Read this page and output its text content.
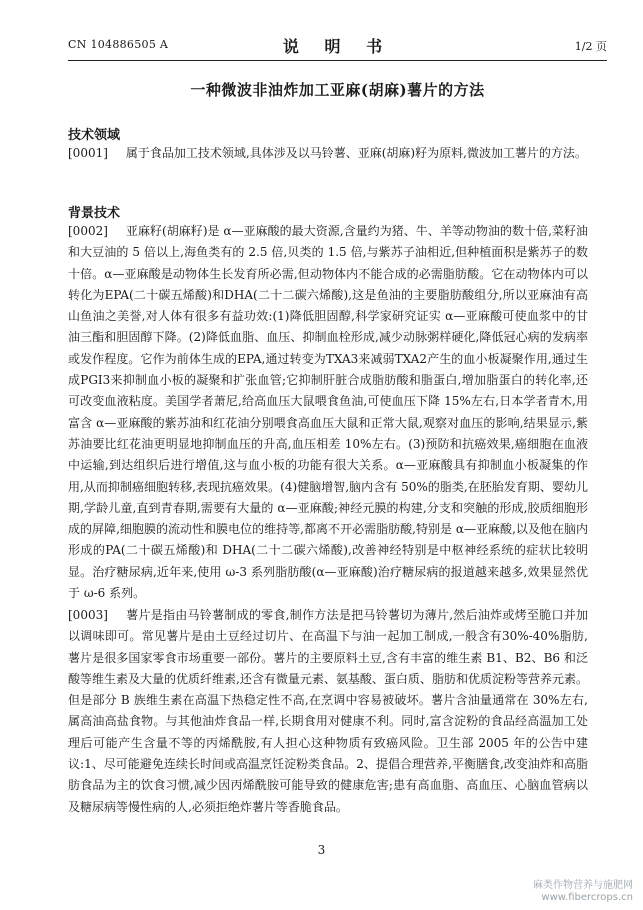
CN 104886505 A	说 明 书	1/2 页
一种微波非油炸加工亚麻(胡麻)薯片的方法
技术领域
[0001] 属于食品加工技术领域,具体涉及以马铃薯、亚麻(胡麻)籽为原料,微波加工薯片的方法。
背景技术
[0002] 亚麻籽(胡麻籽)是 α—亚麻酸的最大资源,含量约为猪、牛、羊等动物油的数十倍,菜籽油和大豆油的 5 倍以上,海鱼类有的 2.5 倍,贝类的 1.5 倍,与紫苏子油相近,但种植面积是紫苏子的数十倍。α—亚麻酸是动物体生长发育所必需,但动物体内不能合成的必需脂肪酸。它在动物体内可以转化为EPA(二十碳五烯酸)和DHA(二十二碳六烯酸),这是鱼油的主要脂肪酸组分,所以亚麻油有高山鱼油之美誉,对人体有很多有益功效:(1)降低胆固醇,科学家研究证实 α—亚麻酸可使血浆中的甘油三酯和胆固醇下降。(2)降低血脂、血压、抑制血栓形成,减少动脉粥样硬化,降低冠心病的发病率或发作程度。它作为前体生成的EPA,通过转变为TXA3来减弱TXA2产生的血小板凝聚作用,通过生成PGI3来抑制血小板的凝聚和扩张血管;它抑制肝脏合成脂肪酸和脂蛋白,增加脂蛋白的转化率,还可改变血液粘度。美国学者萧尼,给高血压大鼠喂食鱼油,可使血压下降 15%左右,日本学者青木,用富含 α—亚麻酸的紫苏油和红花油分别喂食高血压大鼠和正常大鼠,观察对血压的影响,结果显示,紫苏油要比红花油更明显地抑制血压的升高,血压相差 10%左右。(3)预防和抗癌效果,癌细胞在血液中运输,到达组织后进行增值,这与血小板的功能有很大关系。α—亚麻酸具有抑制血小板凝集的作用,从而抑制癌细胞转移,表现抗癌效果。(4)健脑增智,脑内含有 50%的脂类,在胚胎发育期、婴幼儿期,学龄儿童,直到青春期,需要有大量的 α—亚麻酸;神经元膜的构建,分支和突触的形成,胶质细胞形成的屏障,细胞膜的流动性和膜电位的维持等,都离不开必需脂肪酸,特别是 α—亚麻酸,以及他在脑内形成的PA(二十碳五烯酸)和 DHA(二十二碳六烯酸),改善神经特别是中枢神经系统的症状比较明显。治疗糖尿病,近年来,使用 ω-3 系列脂肪酸(α—亚麻酸)治疗糖尿病的报道越来越多,效果显然优于 ω-6 系列。
[0003] 薯片是指由马铃薯制成的零食,制作方法是把马铃薯切为薄片,然后油炸或烤至脆口并加以调味即可。常见薯片是由土豆经过切片、在高温下与油一起加工制成,一般含有30%-40%脂肪,薯片是很多国家零食市场重要一部份。薯片的主要原料土豆,含有丰富的维生素 B1、B2、B6 和泛酸等维生素及大量的优质纤维素,还含有微量元素、氨基酸、蛋白质、脂肪和优质淀粉等营养元素。但是部分 B 族维生素在高温下热稳定性不高,在烹调中容易被破坏。薯片含油量通常在 30%左右,属高油高盐食物。与其他油炸食品一样,长期食用对健康不利。同时,富含淀粉的食品经高温加工处理后可能产生含量不等的丙烯酰胺,有人担心这种物质有致癌风险。卫生部 2005 年的公告中建议:1、尽可能避免连续长时间或高温烹饪淀粉类食品。2、提倡合理营养,平衡膳食,改变油炸和高脂肪食品为主的饮食习惯,减少因丙烯酰胺可能导致的健康危害;患有高血脂、高血压、心脑血管病以及糖尿病等慢性病的人,必须拒绝炸薯片等香脆食品。
3
麻类作物营养与施肥网
www.fibercrops.cn
